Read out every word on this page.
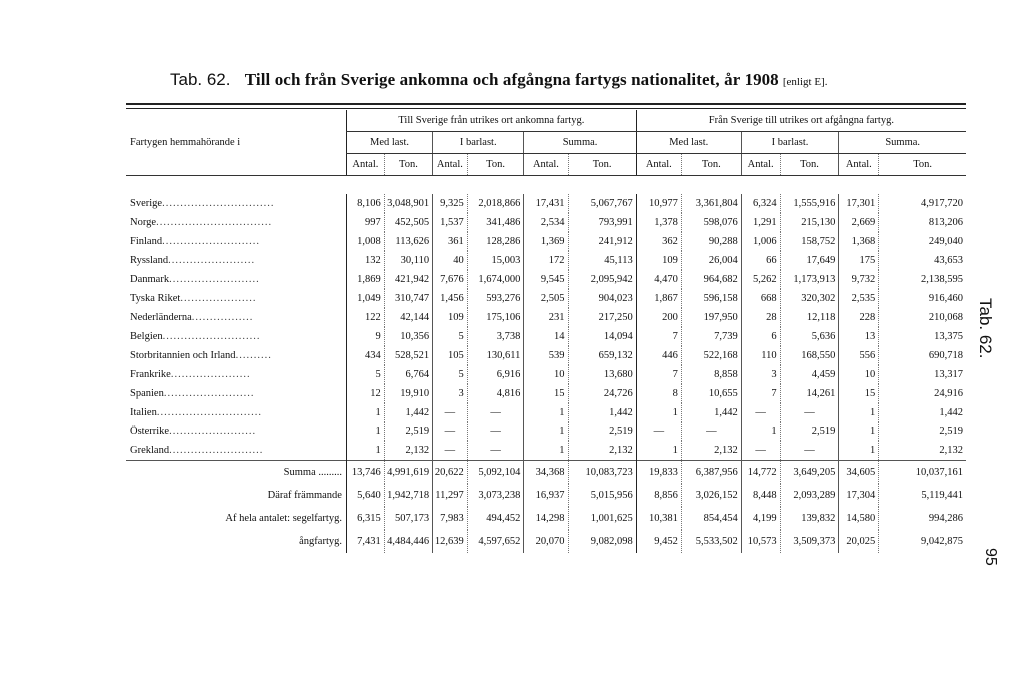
Tab. 62. Till och från Sverige ankomna och afgångna fartygs nationalitet, år 1908 [enligt E].
Fartygen hemmahörande i	Till Sverige från utrikes ort ankomna fartyg.						Från Sverige till utrikes ort afgångna fartyg.					
	Med last.		I barlast.		Summa.		Med last.		I barlast.		Summa.	
	Antal.	Ton.	Antal.	Ton.	Antal.	Ton.	Antal.	Ton.	Antal.	Ton.	Antal.	Ton.

Sverige...............................	8,106	3,048,901	9,325	2,018,866	17,431	5,067,767	10,977	3,361,804	6,324	1,555,916	17,301	4,917,720
Norge................................	997	452,505	1,537	341,486	2,534	793,991	1,378	598,076	1,291	215,130	2,669	813,206
Finland...........................	1,008	113,626	361	128,286	1,369	241,912	362	90,288	1,006	158,752	1,368	249,040
Ryssland........................	132	30,110	40	15,003	172	45,113	109	26,004	66	17,649	175	43,653
Danmark.........................	1,869	421,942	7,676	1,674,000	9,545	2,095,942	4,470	964,682	5,262	1,173,913	9,732	2,138,595
Tyska Riket.....................	1,049	310,747	1,456	593,276	2,505	904,023	1,867	596,158	668	320,302	2,535	916,460
Nederländerna.................	122	42,144	109	175,106	231	217,250	200	197,950	28	12,118	228	210,068
Belgien...........................	9	10,356	5	3,738	14	14,094	7	7,739	6	5,636	13	13,375
Storbritannien och Irland..........	434	528,521	105	130,611	539	659,132	446	522,168	110	168,550	556	690,718
Frankrike......................	5	6,764	5	6,916	10	13,680	7	8,858	3	4,459	10	13,317
Spanien.........................	12	19,910	3	4,816	15	24,726	8	10,655	7	14,261	15	24,916
Italien.............................	1	1,442	—	—	1	1,442	1	1,442	—	—	1	1,442
Österrike........................	1	2,519	—	—	1	2,519	—	—	1	2,519	1	2,519
Grekland..........................	1	2,132	—	—	1	2,132	1	2,132	—	—	1	2,132
Summa .........	13,746	4,991,619	20,622	5,092,104	34,368	10,083,723	19,833	6,387,956	14,772	3,649,205	34,605	10,037,161
Däraf främmande	5,640	1,942,718	11,297	3,073,238	16,937	5,015,956	8,856	3,026,152	8,448	2,093,289	17,304	5,119,441
Af hela antalet: segelfartyg.	6,315	507,173	7,983	494,452	14,298	1,001,625	10,381	854,454	4,199	139,832	14,580	994,286
ångfartyg.	7,431	4,484,446	12,639	4,597,652	20,070	9,082,098	9,452	5,533,502	10,573	3,509,373	20,025	9,042,875
Tab. 62.
95
